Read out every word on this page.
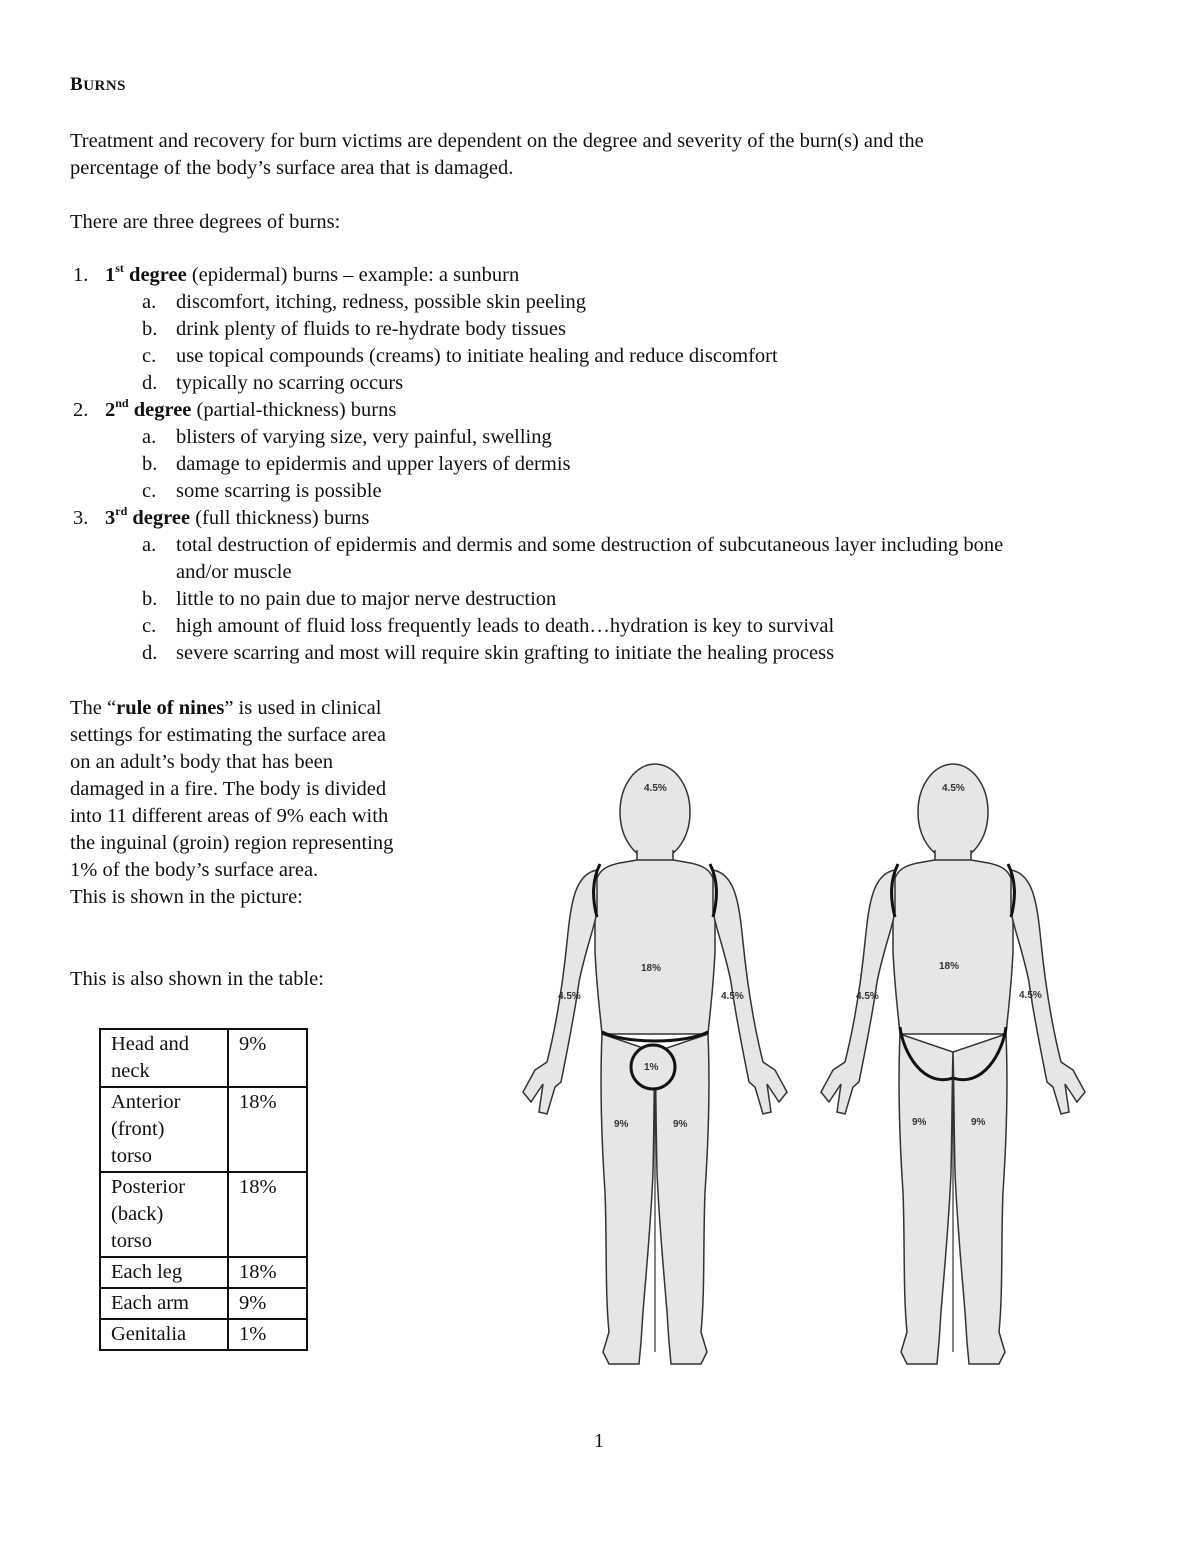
BURNS
Treatment and recovery for burn victims are dependent on the degree and severity of the burn(s) and the
percentage of the body’s surface area that is damaged.
There are three degrees of burns:
1. 1st degree (epidermal) burns – example: a sunburn
a. discomfort, itching, redness, possible skin peeling
b. drink plenty of fluids to re-hydrate body tissues
c. use topical compounds (creams) to initiate healing and reduce discomfort
d. typically no scarring occurs
2. 2nd degree (partial-thickness) burns
a. blisters of varying size, very painful, swelling
b. damage to epidermis and upper layers of dermis
c. some scarring is possible
3. 3rd degree (full thickness) burns
a. total destruction of epidermis and dermis and some destruction of subcutaneous layer including bone
and/or muscle
b. little to no pain due to major nerve destruction
c. high amount of fluid loss frequently leads to death…hydration is key to survival
d. severe scarring and most will require skin grafting to initiate the healing process
The “rule of nines” is used in clinical
settings for estimating the surface area
on an adult’s body that has been
damaged in a fire. The body is divided
into 11 different areas of 9% each with
the inguinal (groin) region representing
1% of the body’s surface area.
This is shown in the picture:
This is also shown in the table:
Head and
neck	9%

Anterior
(front)
torso	18%

Posterior
(back)
torso	18%
Each leg	18%
Each arm	9%
Genitalia	1%
4.5%
18%
4.5%	4.5%
1%
9%	9%
4.5%
18%
4.5%	4.5%
9%	9%
1
